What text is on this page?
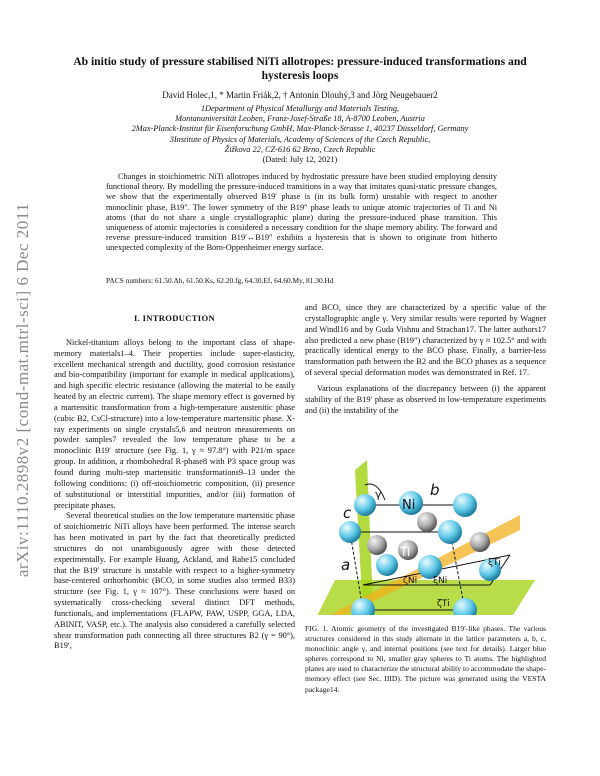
arXiv:1110.2898v2 [cond-mat.mtrl-sci] 6 Dec 2011
Ab initio study of pressure stabilised NiTi allotropes: pressure-induced transformations and hysteresis loops
David Holec,1, * Martin Friák,2, † Antonín Dlouhý,3 and Jörg Neugebauer2
1Department of Physical Metallurgy and Materials Testing,
Montanuniversität Leoben, Franz-Josef-Straße 18, A-8700 Leoben, Austria
2Max-Planck-Institut für Eisenforschung GmbH, Max-Planck-Strasse 1, 40237 Düsseldorf, Germany
3Institute of Physics of Materials, Academy of Sciences of the Czech Republic,
Žižkova 22, CZ-616 62 Brno, Czech Republic
(Dated: July 12, 2021)
Changes in stoichiometric NiTi allotropes induced by hydrostatic pressure have been studied employing density functional theory. By modelling the pressure-induced transitions in a way that imitates quasi-static pressure changes, we show that the experimentally observed B19′ phase is (in its bulk form) unstable with respect to another monoclinic phase, B19″. The lower symmetry of the B19″ phase leads to unique atomic trajectories of Ti and Ni atoms (that do not share a single crystallographic plane) during the pressure-induced phase transition. This uniqueness of atomic trajectories is considered a necessary condition for the shape memory ability. The forward and reverse pressure-induced transition B19′↔B19″ exhibits a hysteresis that is shown to originate from hitherto unexpected complexity of the Born-Oppenheimer energy surface.
PACS numbers: 61.50.Ah, 61.50.Ks, 62.20.fg, 64.30.Ef, 64.60.My, 81.30.Hd
I. INTRODUCTION

Nickel-titanium alloys belong to the important class of shape-memory materials1–4. Their properties include super-elasticity, excellent mechanical strength and ductility, good corrosion resistance and bio-compatibility (important for example in medical applications), and high specific electric resistance (allowing the material to be easily heated by an electric current). The shape memory effect is governed by a martensitic transformation from a high-temperature austenitic phase (cubic B2, CsCl-structure) into a low-temperature martensitic phase. X-ray experiments on single crystals5,6 and neutron measurements on powder samples7 revealed the low temperature phase to be a monoclinic B19′ structure (see Fig. 1, γ ≈ 97.8°) with P21/m space group. In addition, a rhombohedral R-phase8 with P3 space group was found during multi-step martensitic transformations9–13 under the following conditions: (i) off-stoichiometric composition, (ii) presence of substitutional or interstitial impurities, and/or (iii) formation of precipitate phases.

Several theoretical studies on the low temperature martensitic phase of stoichiometric NiTi alloys have been performed. The intense search has been motivated in part by the fact that theoretically predicted structures do not unambiguously agree with those detected experimentally. For example Huang, Ackland, and Rabe15 concluded that the B19′ structure is unstable with respect to a higher-symmetry base-centered orthorhombic (BCO, in some studies also termed B33) structure (see Fig. 1, γ ≈ 107°). These conclusions were based on systematically cross-checking several distinct DFT methods, functionals, and implementations (FLAPW, PAW, USPP, GGA, LDA, ABINIT, VASP, etc.). The analysis also considered a carefully selected shear transformation path connecting all three structures B2 (γ = 90°), B19′,

and BCO, since they are characterized by a specific value of the crystallographic angle γ. Very similar results were reported by Wagner and Windl16 and by Guda Vishnu and Strachan17. The latter authors17 also predicted a new phase (B19″) characterized by γ ≈ 102.5° and with practically identical energy to the BCO phase. Finally, a barrier-less transformation path between the B2 and the BCO phases as a sequence of several special deformation modes was demonstrated in Ref. 17.

Various explanations of the discrepancy between (i) the apparent stability of the B19′ phase as observed in low-temperature experiments and (ii) the instability of the

Ni
Ti
a
b
c
γ
ζNi ξNi
ξTi
ζTi
FIG. 1. Atomic geometry of the investigated B19′-like phases. The various structures considered in this study alternate in the lattice parameters a, b, c, monoclinic angle γ, and internal positions (see text for details). Larger blue spheres correspond to Ni, smaller gray spheres to Ti atoms. The highlighted planes are used to characterize the structural ability to accommodate the shape-memory effect (see Sec. IIID). The picture was generated using the VESTA package14.
